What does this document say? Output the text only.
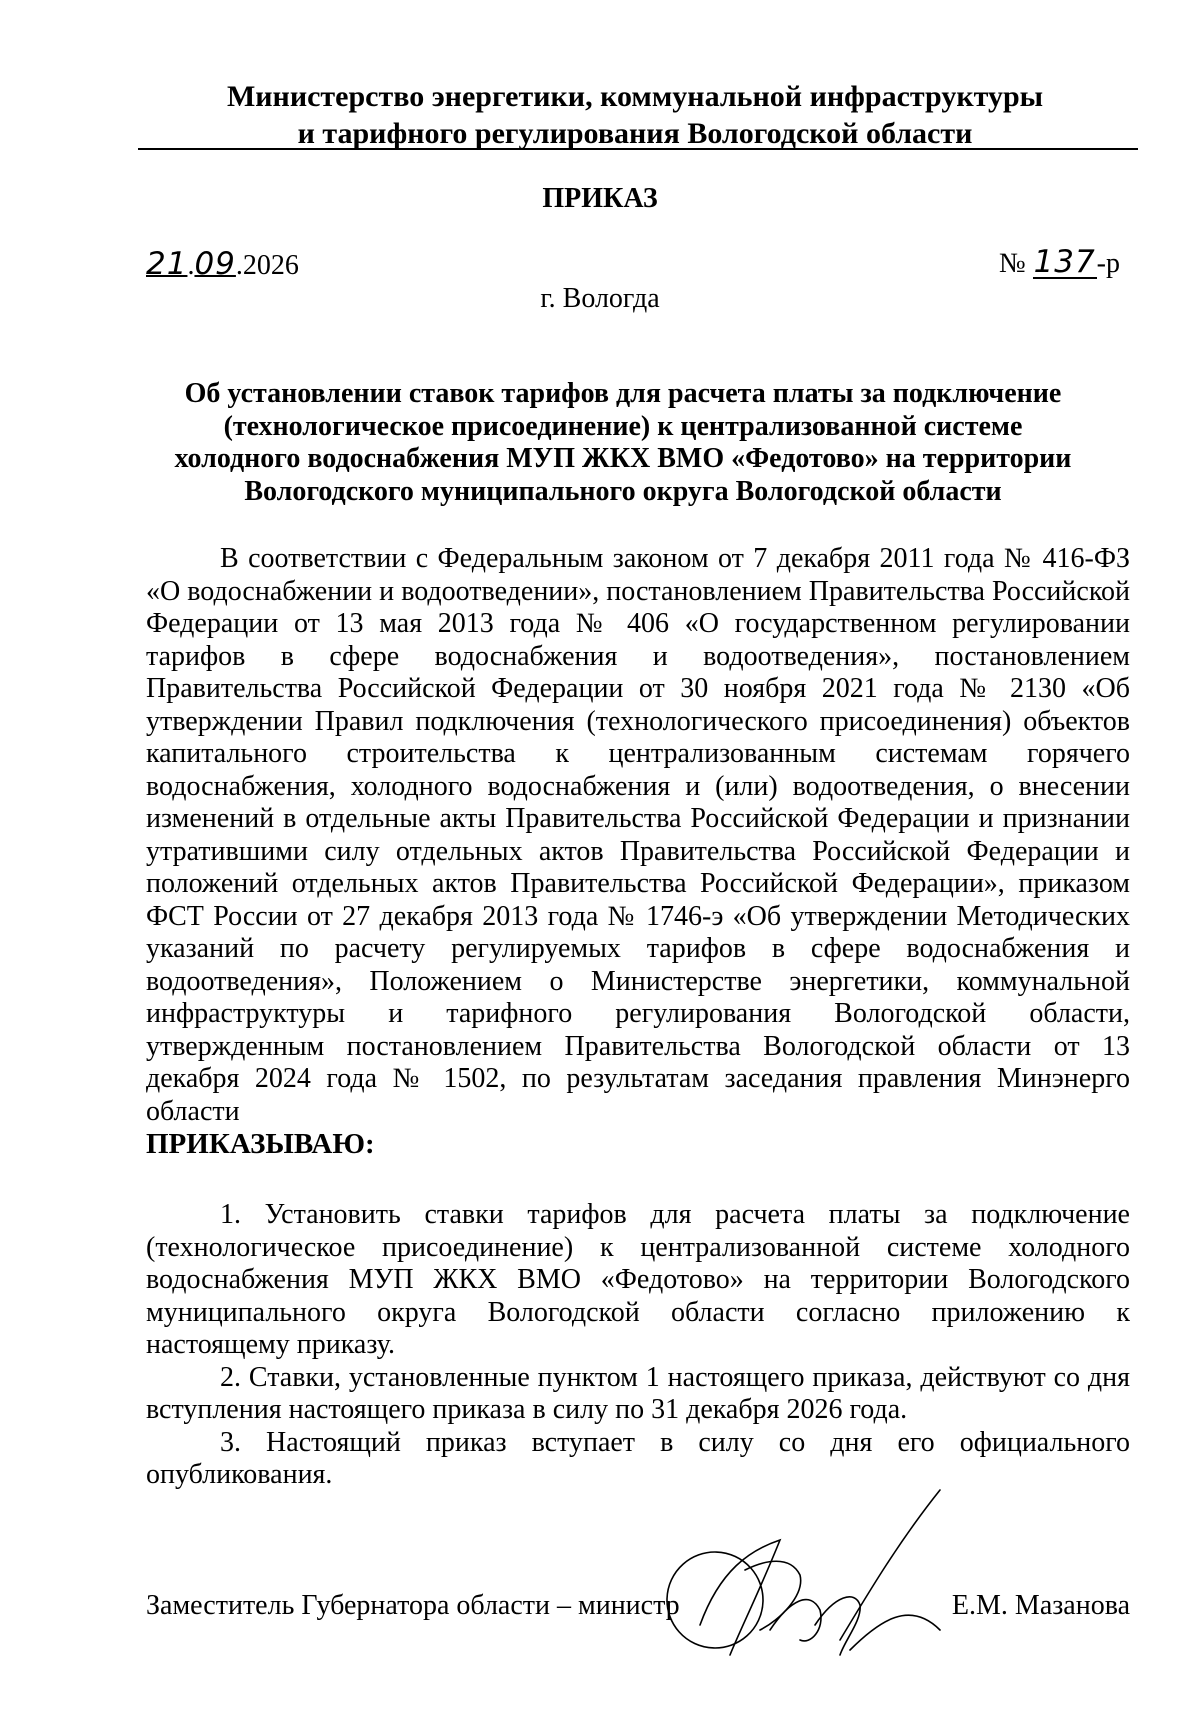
Министерство энергетики, коммунальной инфраструктуры
и тарифного регулирования Вологодской области
ПРИКАЗ
21.09.2026	№ 137-р
г. Вологда
Об установлении ставок тарифов для расчета платы за подключение
(технологическое присоединение) к централизованной системе
холодного водоснабжения МУП ЖКХ ВМО «Федотово» на территории
Вологодского муниципального округа Вологодской области

В соответствии с Федеральным законом от 7 декабря 2011 года № 416-ФЗ «О водоснабжении и водоотведении», постановлением Правительства Российской Федерации от 13 мая 2013 года № 406 «О государственном регулировании тарифов в сфере водоснабжения и водоотведения», постановлением Правительства Российской Федерации от 30 ноября 2021 года № 2130 «Об утверждении Правил подключения (технологического присоединения) объектов капитального строительства к централизованным системам горячего водоснабжения, холодного водоснабжения и (или) водоотведения, о внесении изменений в отдельные акты Правительства Российской Федерации и признании утратившими силу отдельных актов Правительства Российской Федерации и положений отдельных актов Правительства Российской Федерации», приказом ФСТ России от 27 декабря 2013 года № 1746-э «Об утверждении Методических указаний по расчету регулируемых тарифов в сфере водоснабжения и водоотведения», Положением о Министерстве энергетики, коммунальной инфраструктуры и тарифного регулирования Вологодской области, утвержденным постановлением Правительства Вологодской области от 13 декабря 2024 года № 1502, по результатам заседания правления Минэнерго области

ПРИКАЗЫВАЮ:

1. Установить ставки тарифов для расчета платы за подключение (технологическое присоединение) к централизованной системе холодного водоснабжения МУП ЖКХ ВМО «Федотово» на территории Вологодского муниципального округа Вологодской области согласно приложению к настоящему приказу.

2. Ставки, установленные пунктом 1 настоящего приказа, действуют со дня вступления настоящего приказа в силу по 31 декабря 2026 года.

3. Настоящий приказ вступает в силу со дня его официального опубликования.

Заместитель Губернатора области – министр	Е.М. Мазанова
